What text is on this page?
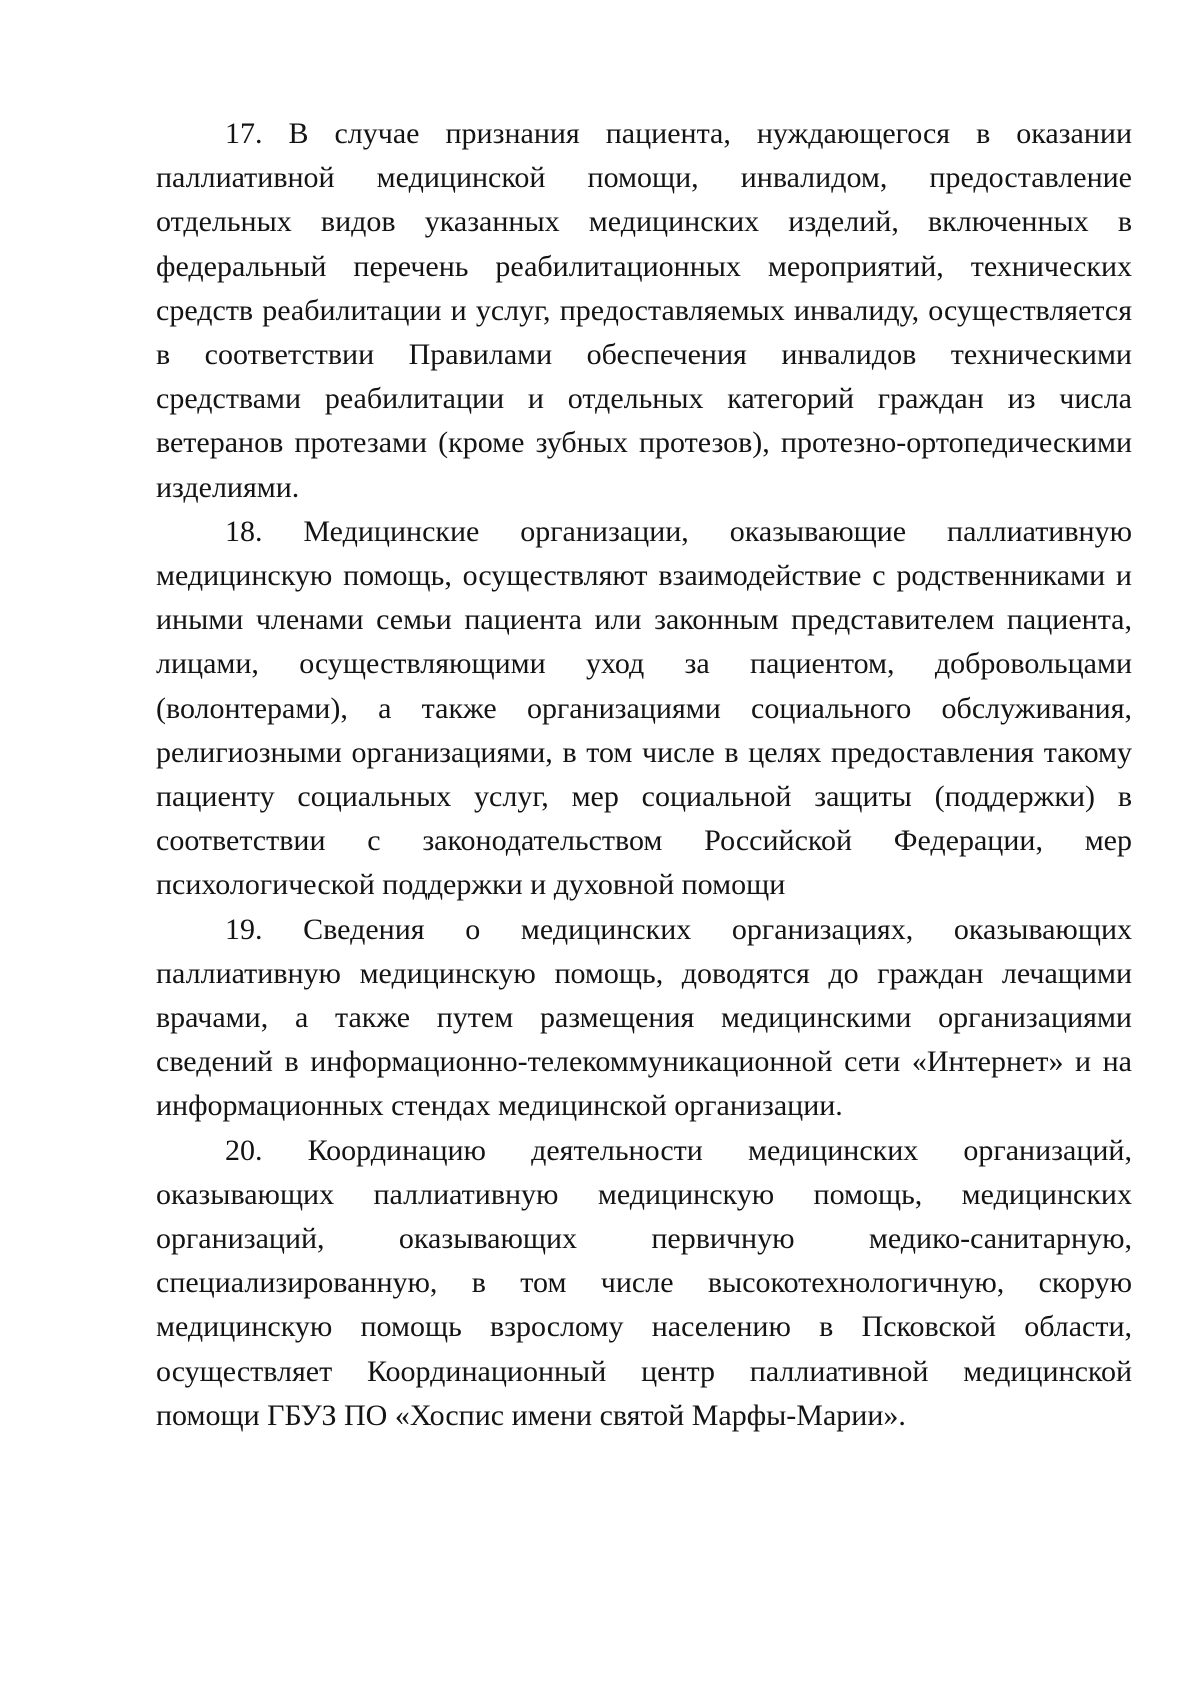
17. В случае признания пациента, нуждающегося в оказании паллиативной медицинской помощи, инвалидом, предоставление отдельных видов указанных медицинских изделий, включенных в федеральный перечень реабилитационных мероприятий, технических средств реабилитации и услуг, предоставляемых инвалиду, осуществляется в соответствии Правилами обеспечения инвалидов техническими средствами реабилитации и отдельных категорий граждан из числа ветеранов протезами (кроме зубных протезов), протезно-ортопедическими изделиями.

18. Медицинские организации, оказывающие паллиативную медицинскую помощь, осуществляют взаимодействие с родственниками и иными членами семьи пациента или законным представителем пациента, лицами, осуществляющими уход за пациентом, добровольцами (волонтерами), а также организациями социального обслуживания, религиозными организациями, в том числе в целях предоставления такому пациенту социальных услуг, мер социальной защиты (поддержки) в соответствии с законодательством Российской Федерации, мер психологической поддержки и духовной помощи

19. Сведения о медицинских организациях, оказывающих паллиативную медицинскую помощь, доводятся до граждан лечащими врачами, а также путем размещения медицинскими организациями сведений в информационно-телекоммуникационной сети «Интернет» и на информационных стендах медицинской организации.

20. Координацию деятельности медицинских организаций, оказывающих паллиативную медицинскую помощь, медицинских организаций, оказывающих первичную медико-санитарную, специализированную, в том числе высокотехнологичную, скорую медицинскую помощь взрослому населению в Псковской области, осуществляет Координационный центр паллиативной медицинской помощи ГБУЗ ПО «Хоспис имени святой Марфы-Марии».
